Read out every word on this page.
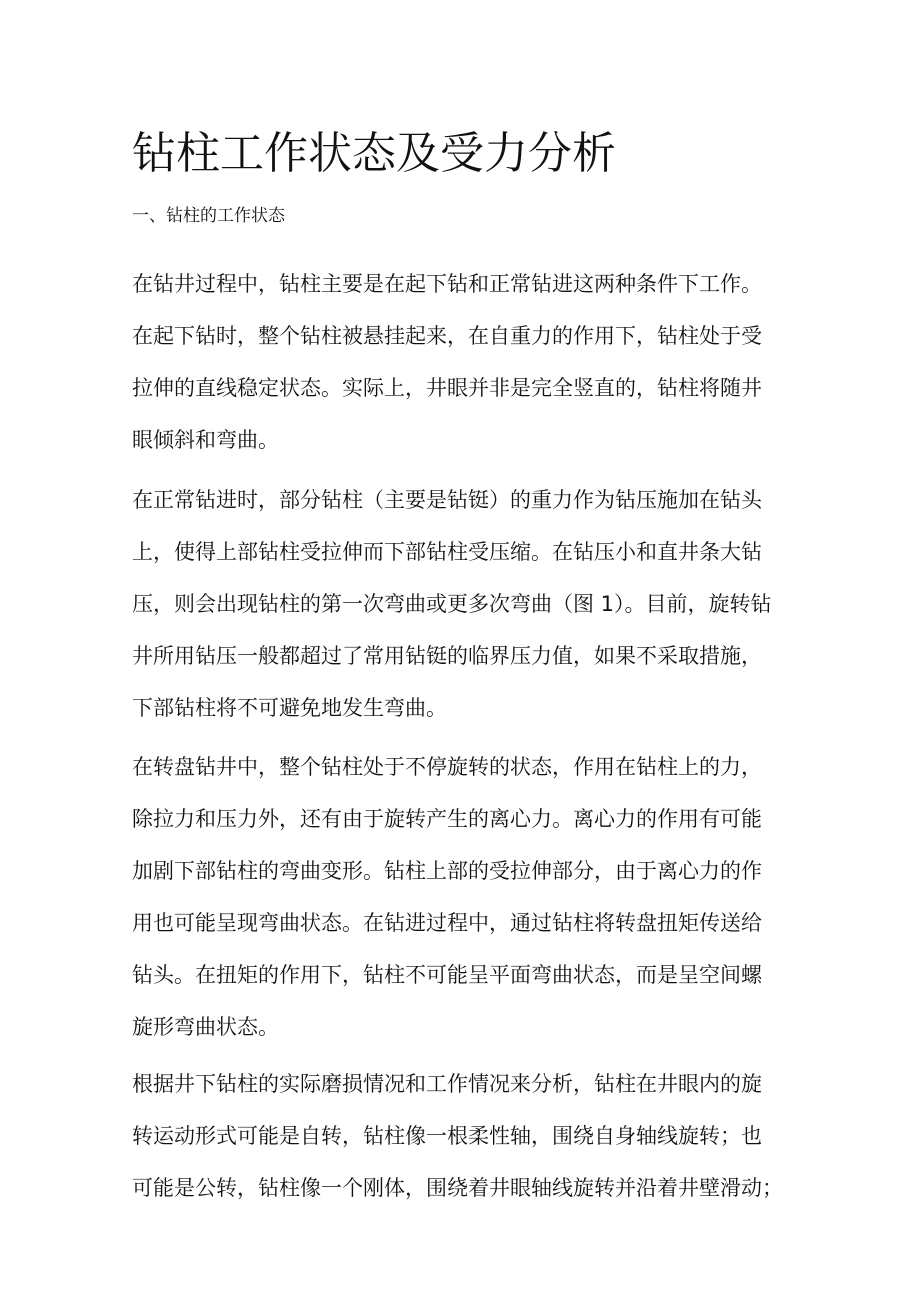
钻柱工作状态及受力分析
一、钻柱的工作状态
在钻井过程中，钻柱主要是在起下钻和正常钻进这两种条件下工作。
在起下钻时，整个钻柱被悬挂起来，在自重力的作用下，钻柱处于受
拉伸的直线稳定状态。实际上，井眼并非是完全竖直的，钻柱将随井
眼倾斜和弯曲。
在正常钻进时，部分钻柱（主要是钻铤）的重力作为钻压施加在钻头
上，使得上部钻柱受拉伸而下部钻柱受压缩。在钻压小和直井条大钻
压，则会出现钻柱的第一次弯曲或更多次弯曲（图 1）。目前，旋转钻
井所用钻压一般都超过了常用钻铤的临界压力值，如果不采取措施，
下部钻柱将不可避免地发生弯曲。
在转盘钻井中，整个钻柱处于不停旋转的状态，作用在钻柱上的力，
除拉力和压力外，还有由于旋转产生的离心力。离心力的作用有可能
加剧下部钻柱的弯曲变形。钻柱上部的受拉伸部分，由于离心力的作
用也可能呈现弯曲状态。在钻进过程中，通过钻柱将转盘扭矩传送给
钻头。在扭矩的作用下，钻柱不可能呈平面弯曲状态，而是呈空间螺
旋形弯曲状态。
根据井下钻柱的实际磨损情况和工作情况来分析，钻柱在井眼内的旋
转运动形式可能是自转，钻柱像一根柔性轴，围绕自身轴线旋转；也
可能是公转，钻柱像一个刚体，围绕着井眼轴线旋转并沿着井壁滑动；
